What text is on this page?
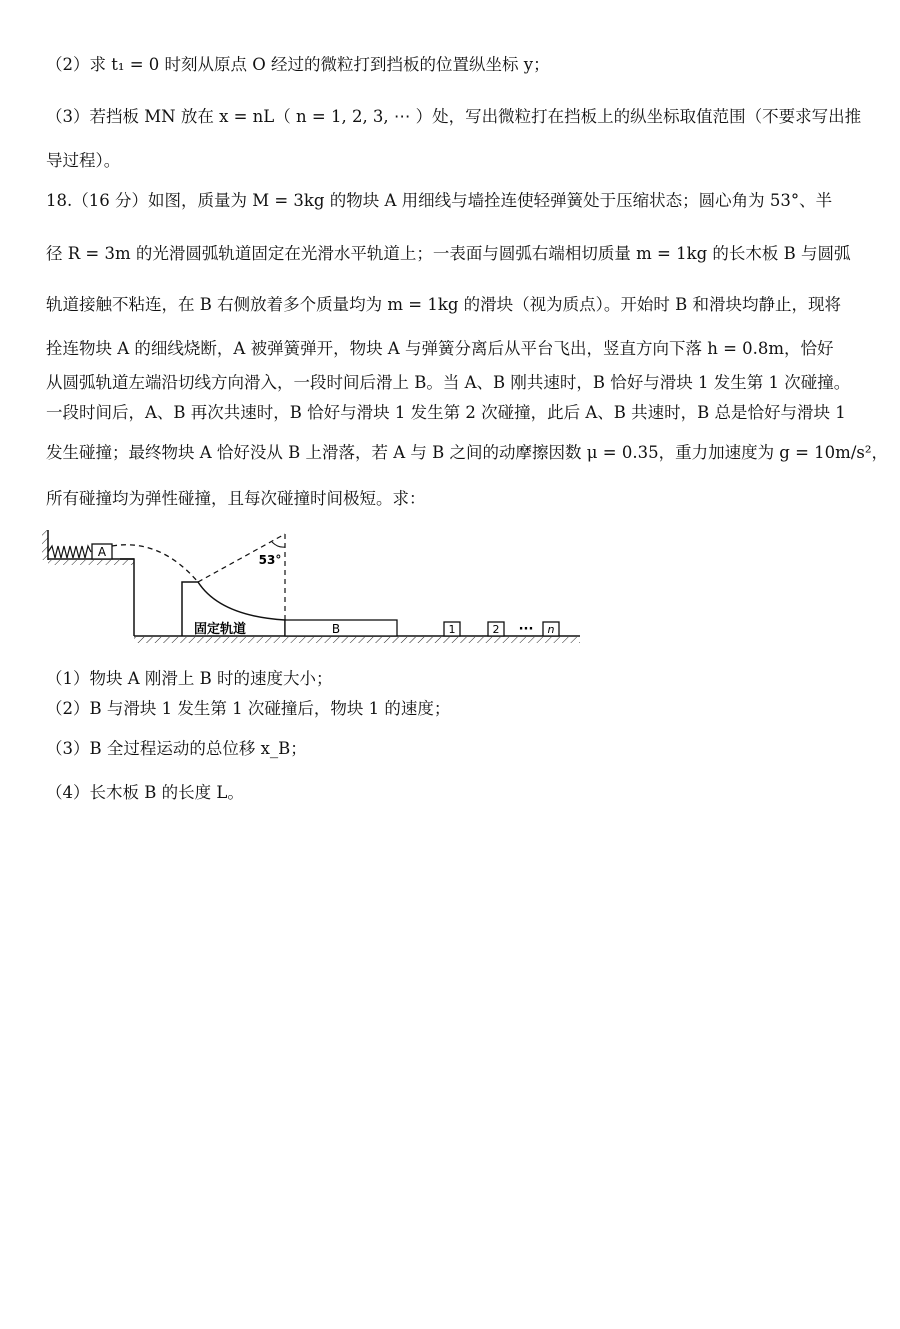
（2）求 t₁ = 0 时刻从原点 O 经过的微粒打到挡板的位置纵坐标 y；
（3）若挡板 MN 放在 x = nL（ n = 1, 2, 3, ⋯ ）处，写出微粒打在挡板上的纵坐标取值范围（不要求写出推
导过程）。
18.（16 分）如图，质量为 M = 3kg 的物块 A 用细线与墙拴连使轻弹簧处于压缩状态；圆心角为 53°、半
径 R = 3m 的光滑圆弧轨道固定在光滑水平轨道上；一表面与圆弧右端相切质量 m = 1kg 的长木板 B 与圆弧
轨道接触不粘连，在 B 右侧放着多个质量均为 m = 1kg 的滑块（视为质点）。开始时 B 和滑块均静止，现将
拴连物块 A 的细线烧断，A 被弹簧弹开，物块 A 与弹簧分离后从平台飞出，竖直方向下落 h = 0.8m，恰好
从圆弧轨道左端沿切线方向滑入，一段时间后滑上 B。当 A、B 刚共速时，B 恰好与滑块 1 发生第 1 次碰撞。
一段时间后，A、B 再次共速时，B 恰好与滑块 1 发生第 2 次碰撞，此后 A、B 共速时，B 总是恰好与滑块 1
发生碰撞；最终物块 A 恰好没从 B 上滑落，若 A 与 B 之间的动摩擦因数 μ = 0.35，重力加速度为 g = 10m/s²，
所有碰撞均为弹性碰撞，且每次碰撞时间极短。求：
A
固定轨道
53°
B	1	2 ··· n
（1）物块 A 刚滑上 B 时的速度大小；
（2）B 与滑块 1 发生第 1 次碰撞后，物块 1 的速度；
（3）B 全过程运动的总位移 x_B；
（4）长木板 B 的长度 L。
